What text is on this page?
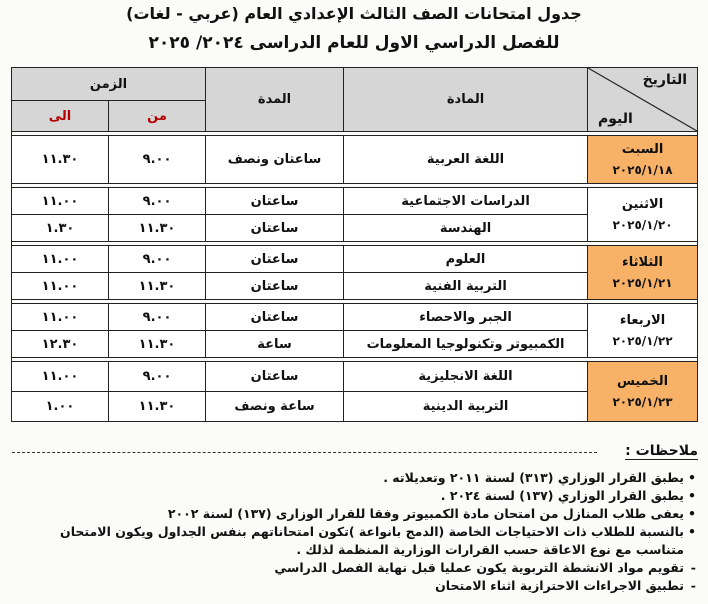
جدول امتحانات الصف الثالث الإعدادي العام (عربي - لغات)
للفصل الدراسي الاول للعام الدراسى ٢٠٢٤/ ٢٠٢٥
التاريخ
اليوم	المادة	المدة	الزمن	
			من	الى

السبت
٢٠٢٥/١/١٨	اللغة العربية	ساعتان ونصف	٩.٠٠	١١.٣٠

الاثنين
٢٠٢٥/١/٢٠	الدراسات الاجتماعية	ساعتان	٩.٠٠	١١.٠٠
	الهندسة	ساعتان	١١.٣٠	١.٣٠

الثلاثاء
٢٠٢٥/١/٢١	العلوم	ساعتان	٩.٠٠	١١.٠٠
	التربية الفنية	ساعتان	١١.٣٠	١١.٠٠

الاربعاء
٢٠٢٥/١/٢٢	الجبر والاحصاء	ساعتان	٩.٠٠	١١.٠٠
	الكمبيوتر وتكنولوجيا المعلومات	ساعة	١١.٣٠	١٢.٣٠

الخميس
٢٠٢٥/١/٢٣	اللغة الانجليزية	ساعتان	٩.٠٠	١١.٠٠
	التربية الدينية	ساعة ونصف	١١.٣٠	١.٠٠
ملاحظات :
•يطبق القرار الوزاري (٣١٣) لسنة ٢٠١١ وتعديلاته .
•يطبق القرار الوزاري (١٣٧) لسنة ٢٠٢٤ .
•يعفى طلاب المنازل من امتحان مادة الكمبيوتر وفقا للقرار الوزارى (١٣٧) لسنة ٢٠٠٢
•بالنسبة للطلاب ذات الاحتياجات الخاصة (الدمج بانواعة )تكون امتحاناتهم بنفس الجداول ويكون الامتحان
متناسب مع نوع الاعاقة حسب القرارات الوزارية المنظمة لذلك .
-تقويم مواد الانشطة التربوية يكون عمليا قبل نهاية الفصل الدراسي
-تطبيق الاجراءات الاحترازية اثناء الامتحان
